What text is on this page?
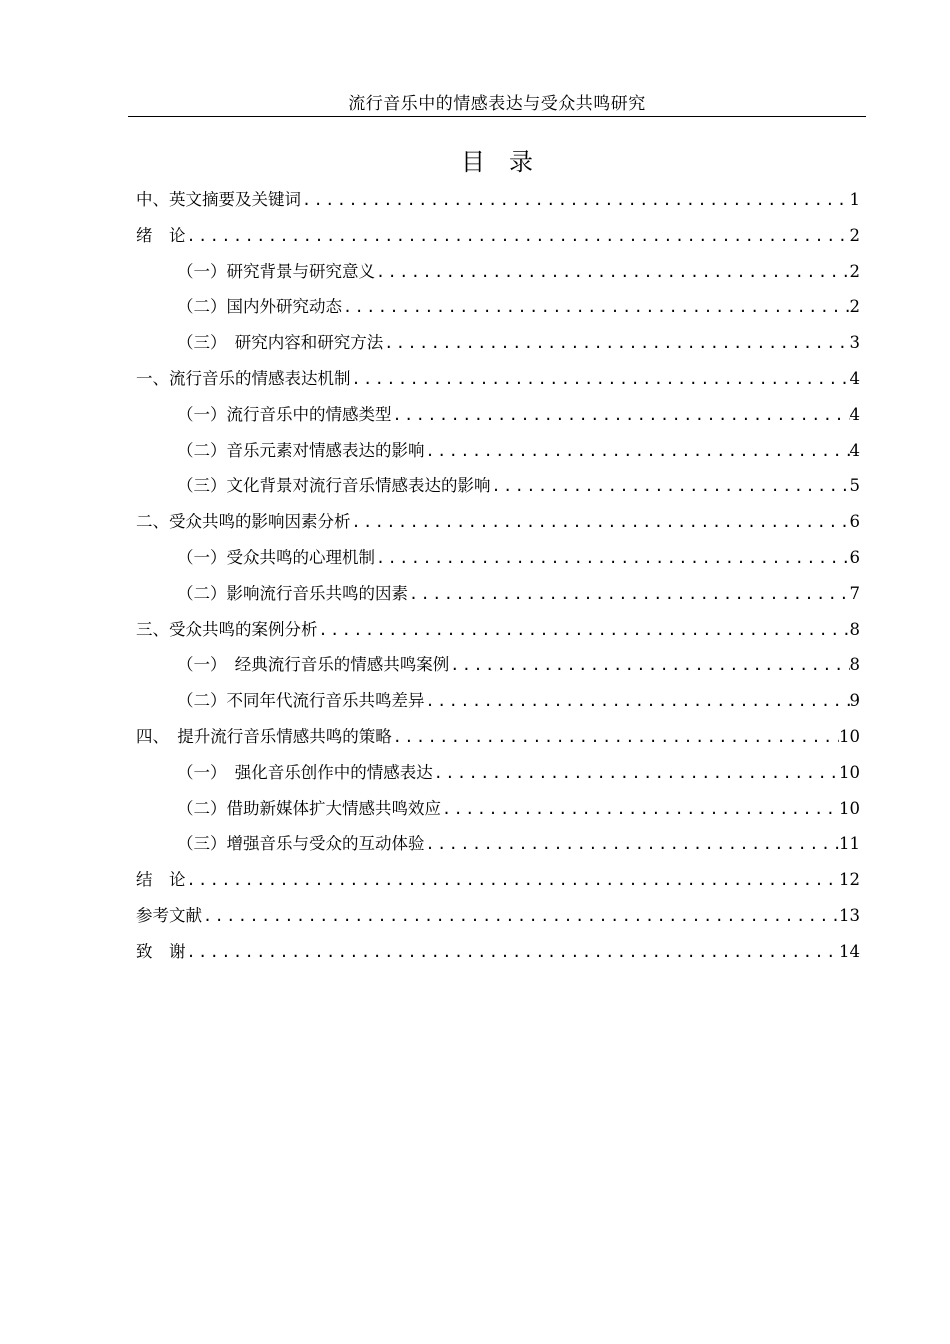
流行音乐中的情感表达与受众共鸣研究
目　录
中、英文摘要及关键词 .....	1
绪　论 .....	2
（一）研究背景与研究意义 .....	2
（二）国内外研究动态 .....	2
（三）　研究内容和研究方法 .....	3
一、流行音乐的情感表达机制 .....	4
（一）流行音乐中的情感类型 .....	4
（二）音乐元素对情感表达的影响 .....	4
（三）文化背景对流行音乐情感表达的影响 .....	5
二、受众共鸣的影响因素分析 .....	6
（一）受众共鸣的心理机制 .....	6
（二）影响流行音乐共鸣的因素 .....	7
三、受众共鸣的案例分析 .....	8
（一）　经典流行音乐的情感共鸣案例 .....	8
（二）不同年代流行音乐共鸣差异 .....	9
四、　提升流行音乐情感共鸣的策略 .....	10
（一）　强化音乐创作中的情感表达 .....	10
（二）借助新媒体扩大情感共鸣效应 .....	10
（三）增强音乐与受众的互动体验 .....	11
结　论 .....	12
参考文献 .....	13
致　谢 .....	14
